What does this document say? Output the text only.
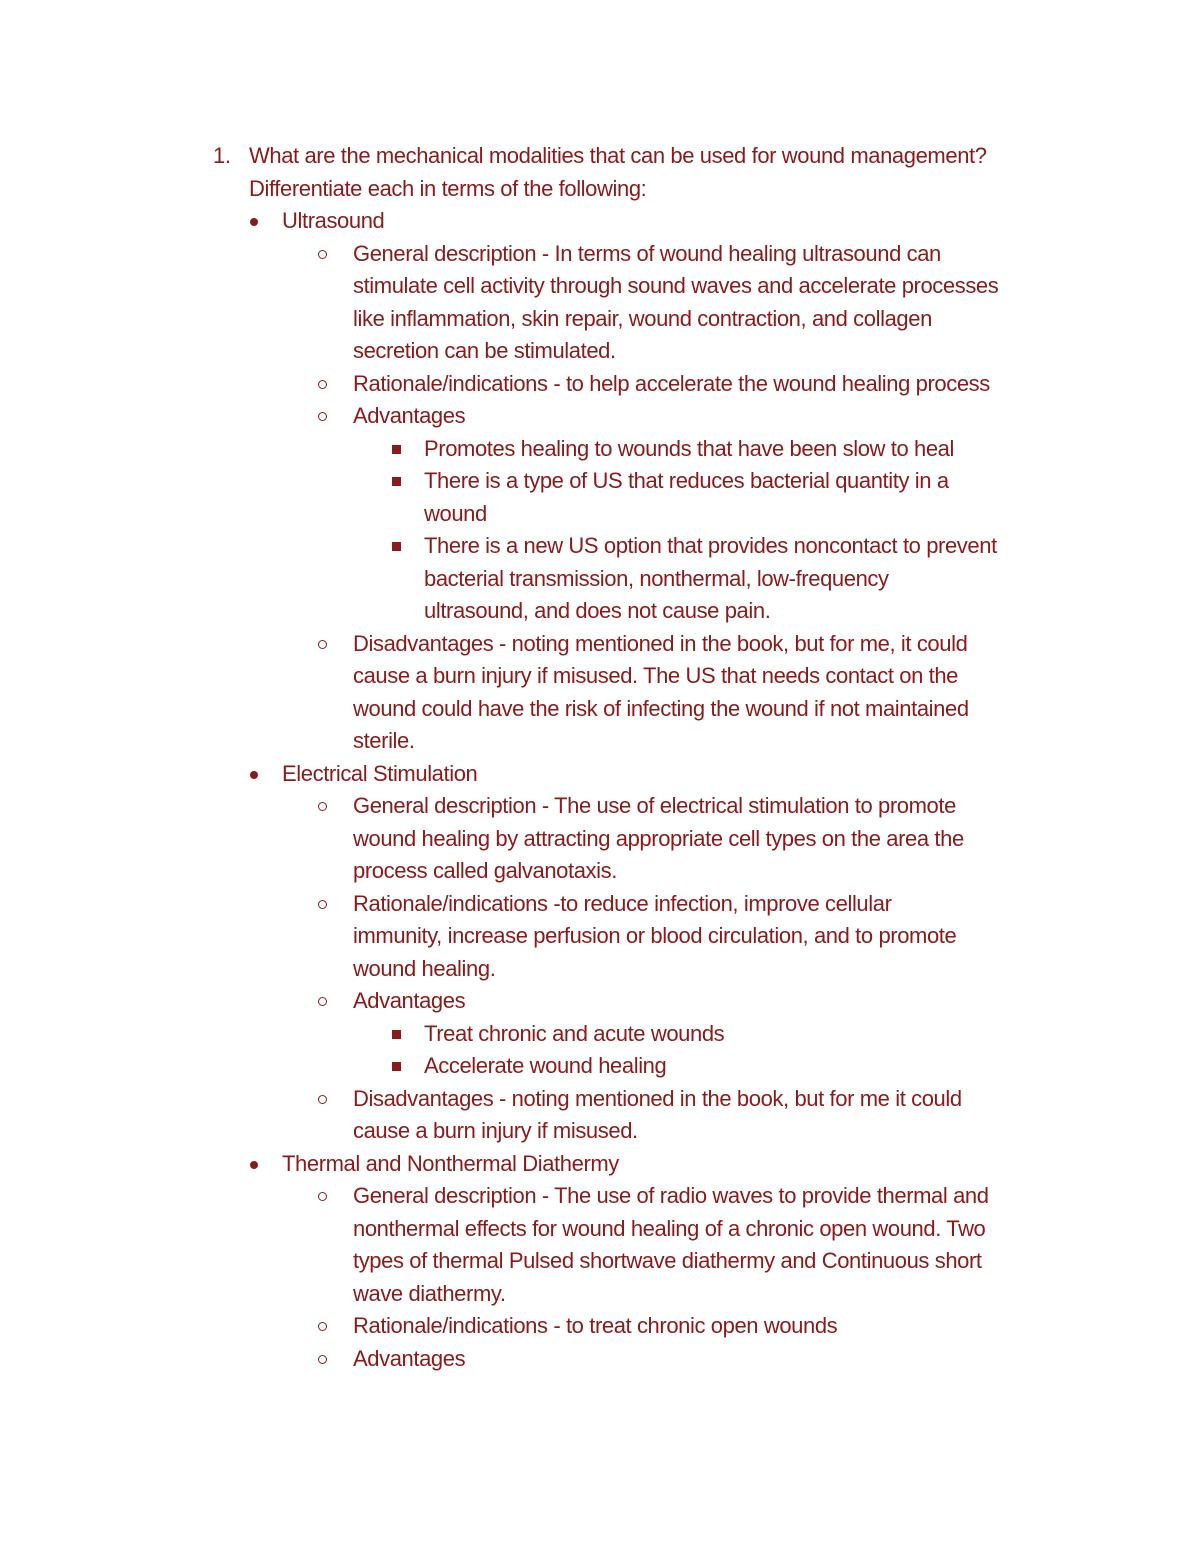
1. What are the mechanical modalities that can be used for wound management?
Differentiate each in terms of the following:
Ultrasound
General description - In terms of wound healing ultrasound can
stimulate cell activity through sound waves and accelerate processes
like inflammation, skin repair, wound contraction, and collagen
secretion can be stimulated.
Rationale/indications - to help accelerate the wound healing process
Advantages
Promotes healing to wounds that have been slow to heal
There is a type of US that reduces bacterial quantity in a
wound
There is a new US option that provides noncontact to prevent
bacterial transmission, nonthermal, low-frequency
ultrasound, and does not cause pain.
Disadvantages - noting mentioned in the book, but for me, it could
cause a burn injury if misused. The US that needs contact on the
wound could have the risk of infecting the wound if not maintained
sterile.
Electrical Stimulation
General description - The use of electrical stimulation to promote
wound healing by attracting appropriate cell types on the area the
process called galvanotaxis.
Rationale/indications -to reduce infection, improve cellular
immunity, increase perfusion or blood circulation, and to promote
wound healing.
Advantages
Treat chronic and acute wounds
Accelerate wound healing
Disadvantages - noting mentioned in the book, but for me it could
cause a burn injury if misused.
Thermal and Nonthermal Diathermy
General description - The use of radio waves to provide thermal and
nonthermal effects for wound healing of a chronic open wound. Two
types of thermal Pulsed shortwave diathermy and Continuous short
wave diathermy.
Rationale/indications - to treat chronic open wounds
Advantages
